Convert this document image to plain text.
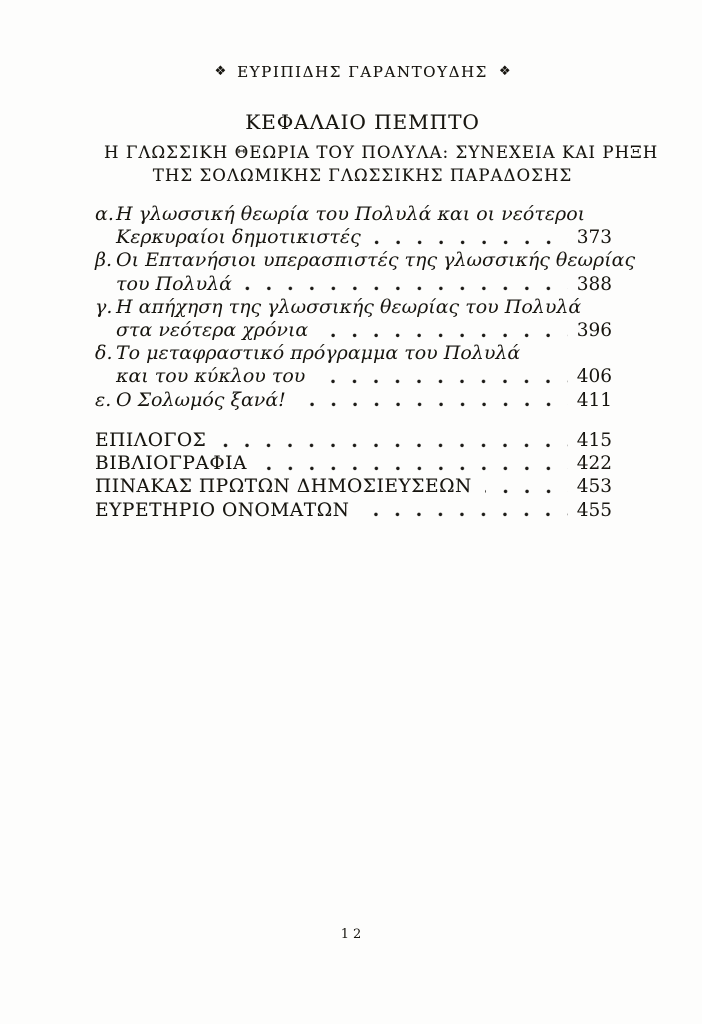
❖ ΕΥΡΙΠΙΔΗΣ ΓΑΡΑΝΤΟΥΔΗΣ ❖
ΚΕΦΑΛΑΙΟ ΠΕΜΠΤΟ
Η ΓΛΩΣΣΙΚΗ ΘΕΩΡΙΑ ΤΟΥ ΠΟΛΥΛΑ: ΣΥΝΕΧΕΙΑ ΚΑΙ ΡΗΞΗ
ΤΗΣ ΣΟΛΩΜΙΚΗΣ ΓΛΩΣΣΙΚΗΣ ΠΑΡΑΔΟΣΗΣ
α. Η γλωσσική θεωρία του Πολυλά και οι νεότεροι
Κερκυραίοι δημοτικιστές	373
β. Οι Επτανήσιοι υπερασπιστές της γλωσσικής θεωρίας
του Πολυλά	388
γ. Η απήχηση της γλωσσικής θεωρίας του Πολυλά
στα νεότερα χρόνια	396
δ. Το μεταφραστικό πρόγραμμα του Πολυλά
και του κύκλου του	406
ε. Ο Σολωμός ξανά!	411
ΕΠΙΛΟΓΟΣ	415
ΒΙΒΛΙΟΓΡΑΦΙΑ	422
ΠΙΝΑΚΑΣ ΠΡΩΤΩΝ ΔΗΜΟΣΙΕΥΣΕΩΝ	453
ΕΥΡΕΤΗΡΙΟ ΟΝΟΜΑΤΩΝ	455
12
